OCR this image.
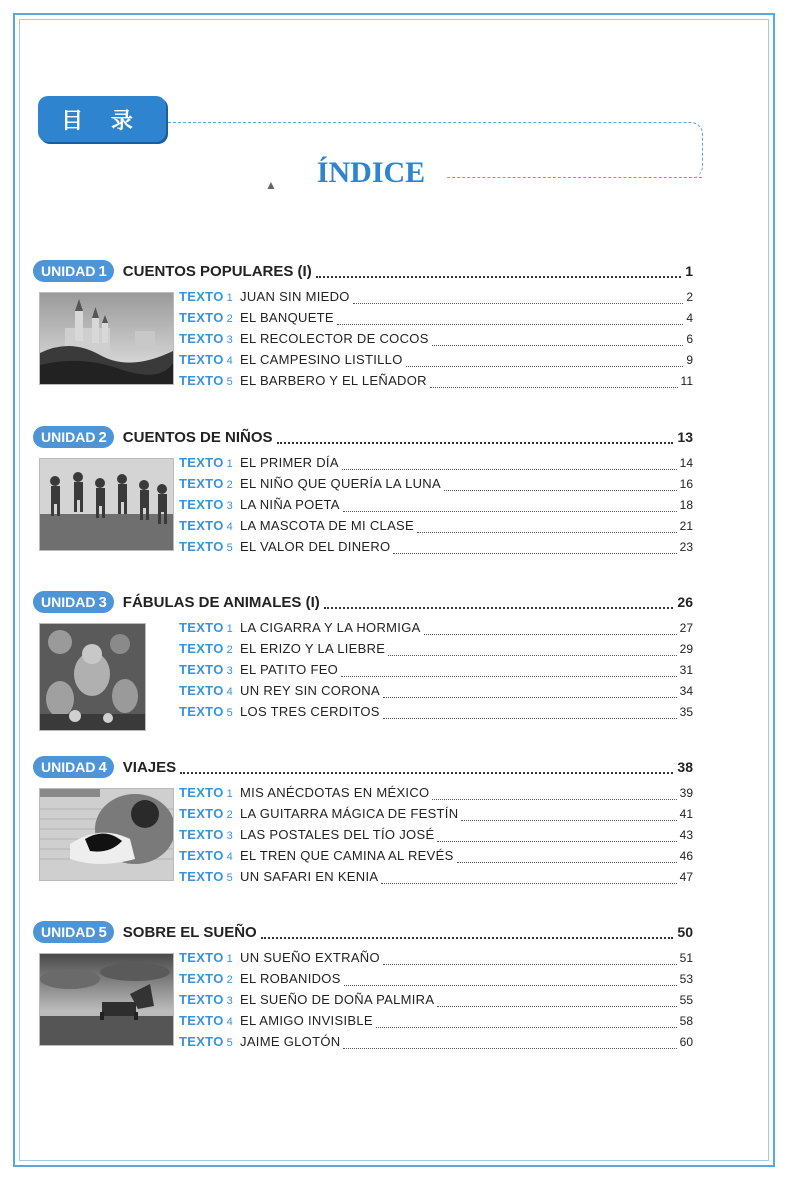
目 录
▲	ÍNDICE
UNIDAD 1	CUENTOS POPULARES (I)	1
TEXTO 1 JUAN SIN MIEDO	2
TEXTO 2 EL BANQUETE	4
TEXTO 3 EL RECOLECTOR DE COCOS	6
TEXTO 4 EL CAMPESINO LISTILLO	9
TEXTO 5 EL BARBERO Y EL LEÑADOR	11
UNIDAD 2	CUENTOS DE NIÑOS	13
TEXTO 1 EL PRIMER DÍA	14
TEXTO 2 EL NIÑO QUE QUERÍA LA LUNA	16
TEXTO 3 LA NIÑA POETA	18
TEXTO 4 LA MASCOTA DE MI CLASE	21
TEXTO 5 EL VALOR DEL DINERO	23
UNIDAD 3	FÁBULAS DE ANIMALES (I)	26
TEXTO 1 LA CIGARRA Y LA HORMIGA	27
TEXTO 2 EL ERIZO Y LA LIEBRE	29
TEXTO 3 EL PATITO FEO	31
TEXTO 4 UN REY SIN CORONA	34
TEXTO 5 LOS TRES CERDITOS	35
UNIDAD 4	VIAJES	38
TEXTO 1 MIS ANÉCDOTAS EN MÉXICO	39
TEXTO 2 LA GUITARRA MÁGICA DE FESTÍN	41
TEXTO 3 LAS POSTALES DEL TÍO JOSÉ	43
TEXTO 4 EL TREN QUE CAMINA AL REVÉS	46
TEXTO 5 UN SAFARI EN KENIA	47
UNIDAD 5	SOBRE EL SUEÑO	50
TEXTO 1 UN SUEÑO EXTRAÑO	51
TEXTO 2 EL ROBANIDOS	53
TEXTO 3 EL SUEÑO DE DOÑA PALMIRA	55
TEXTO 4 EL AMIGO INVISIBLE	58
TEXTO 5 JAIME GLOTÓN	60
